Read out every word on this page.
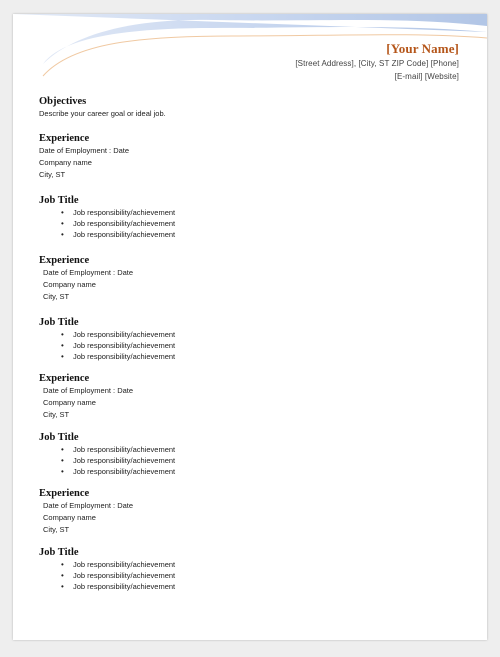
[Your Name]
[Street Address], [City, ST ZIP Code] [Phone]
[E-mail] [Website]
Objectives
Describe your career goal or ideal job.
Experience
Date of Employment : Date
Company name
City, ST
Job Title
• Job responsibility/achievement
• Job responsibility/achievement
• Job responsibility/achievement
Experience
Date of Employment : Date
Company name
City, ST
Job Title
• Job responsibility/achievement
• Job responsibility/achievement
• Job responsibility/achievement
Experience
Date of Employment : Date
Company name
City, ST
Job Title
• Job responsibility/achievement
• Job responsibility/achievement
• Job responsibility/achievement
Experience
Date of Employment : Date
Company name
City, ST
Job Title
• Job responsibility/achievement
• Job responsibility/achievement
• Job responsibility/achievement
